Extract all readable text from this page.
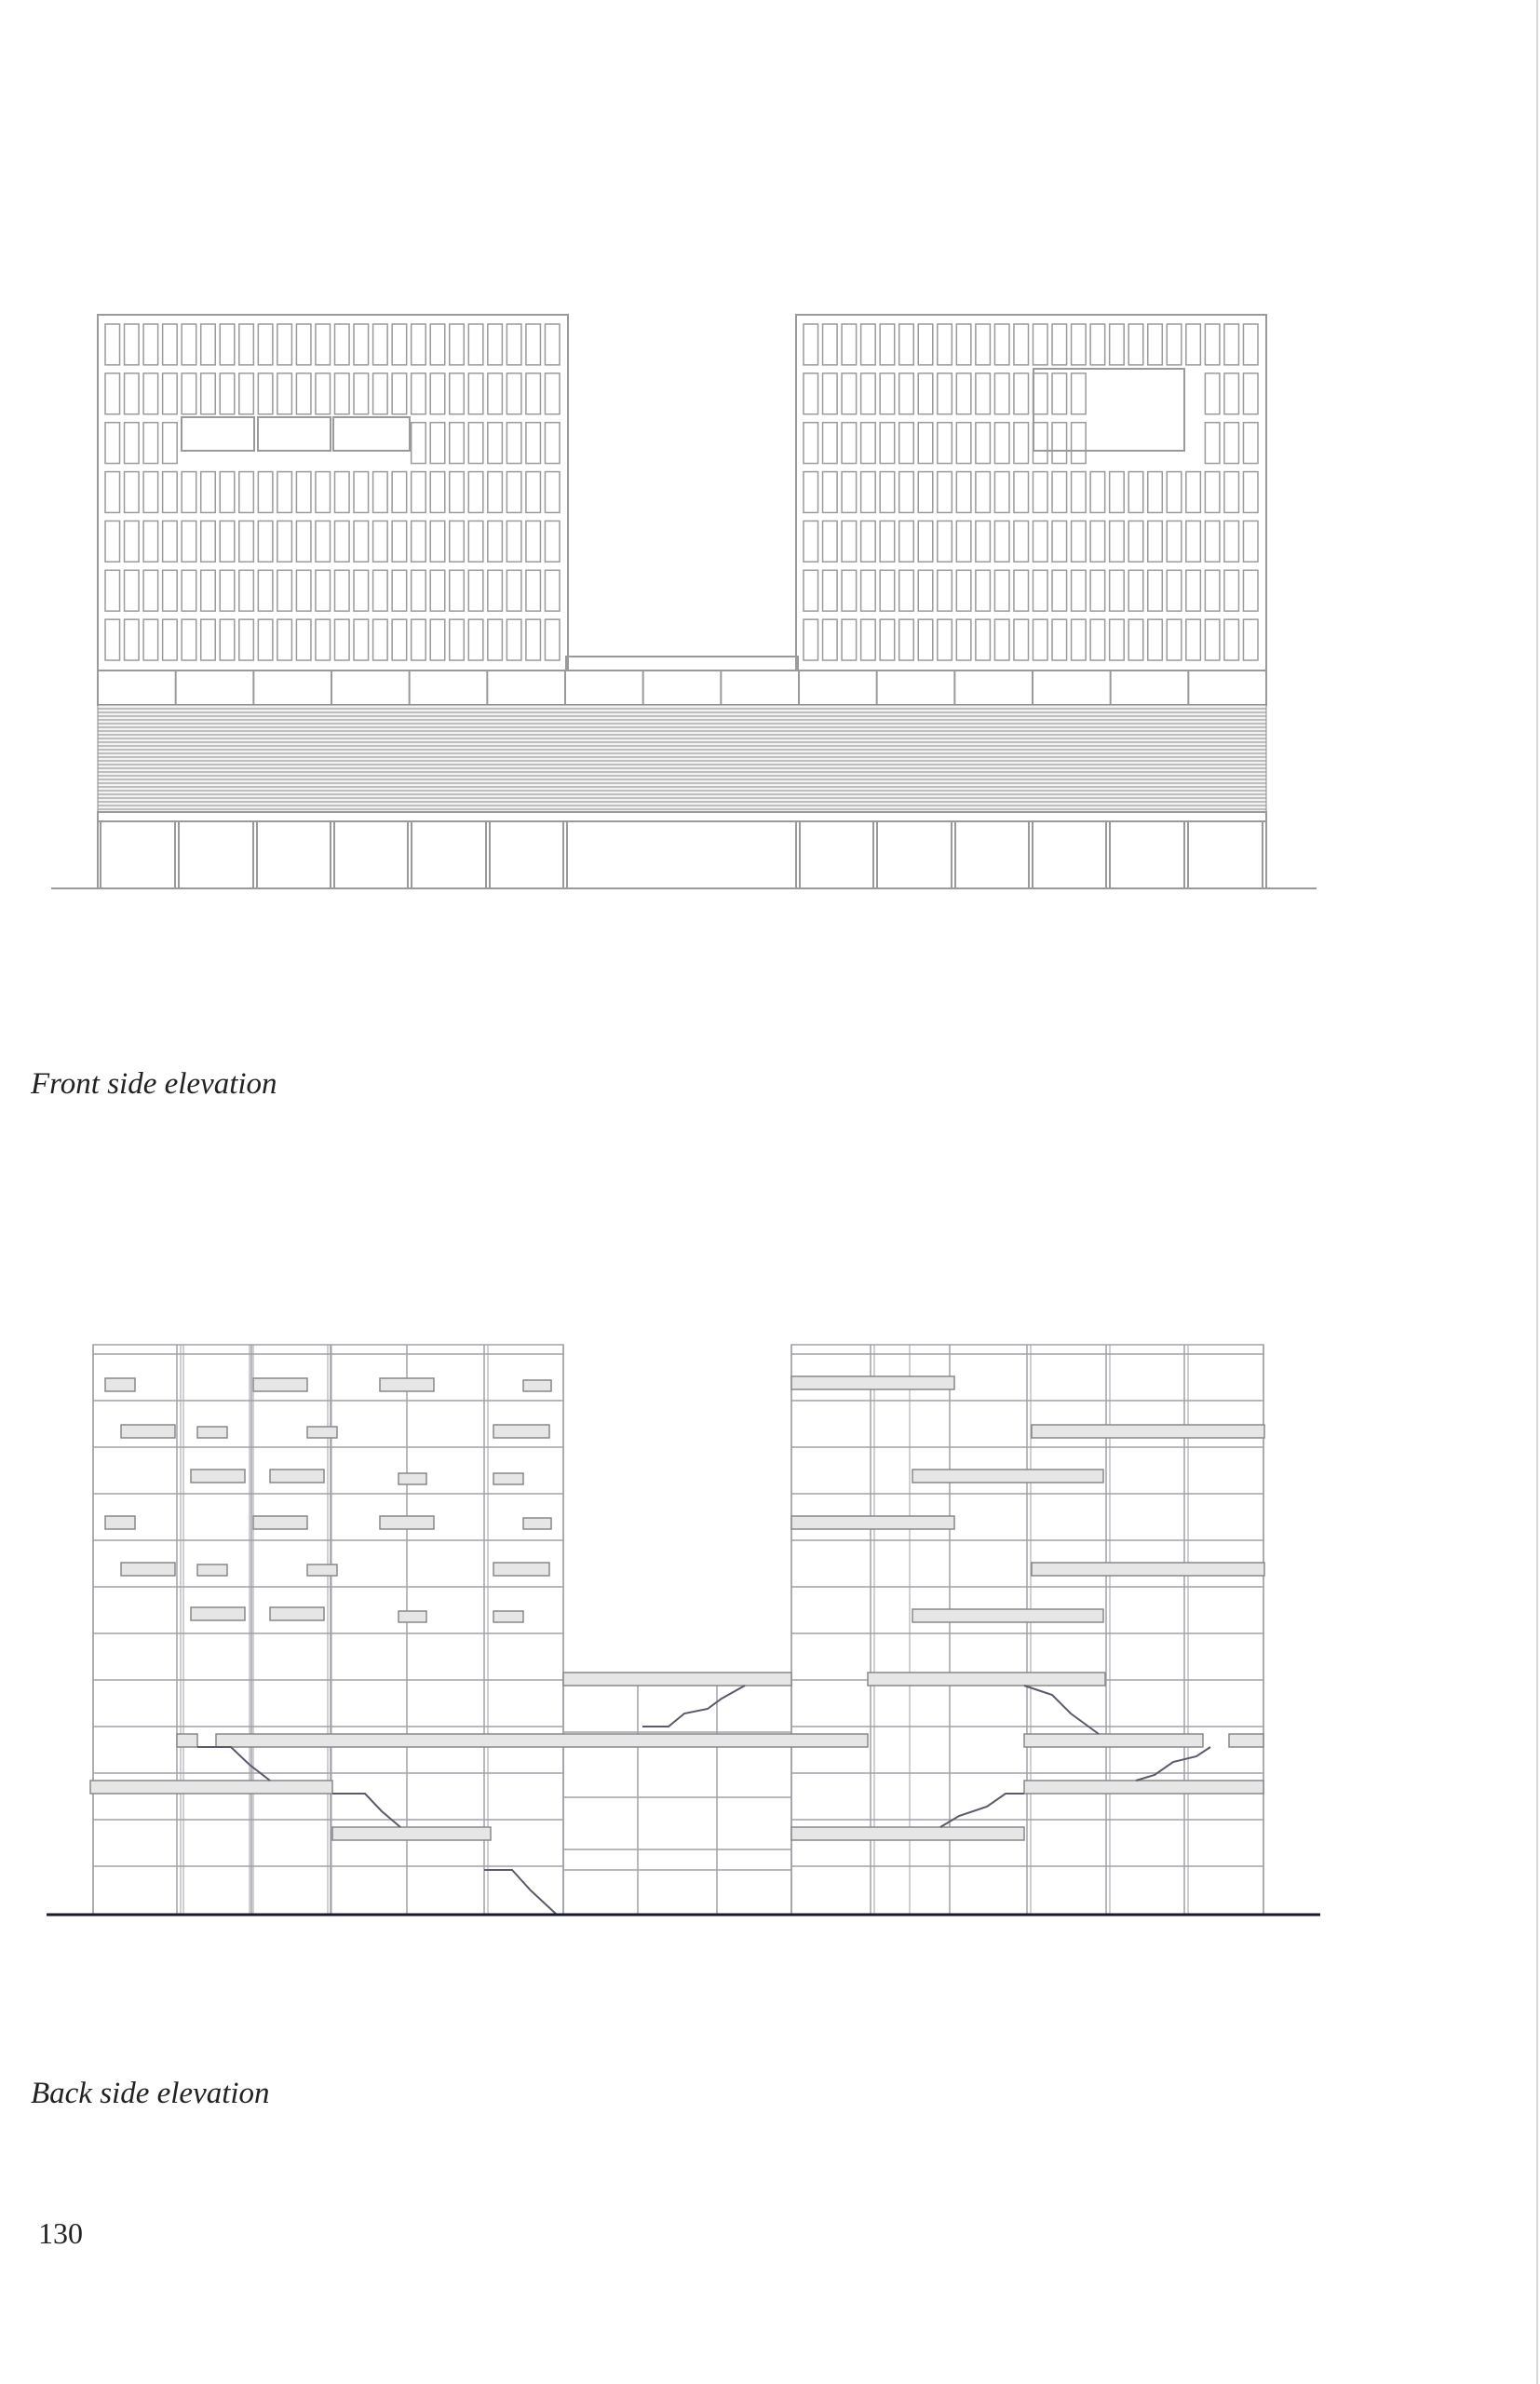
Front side elevation
Back side elevation
130
